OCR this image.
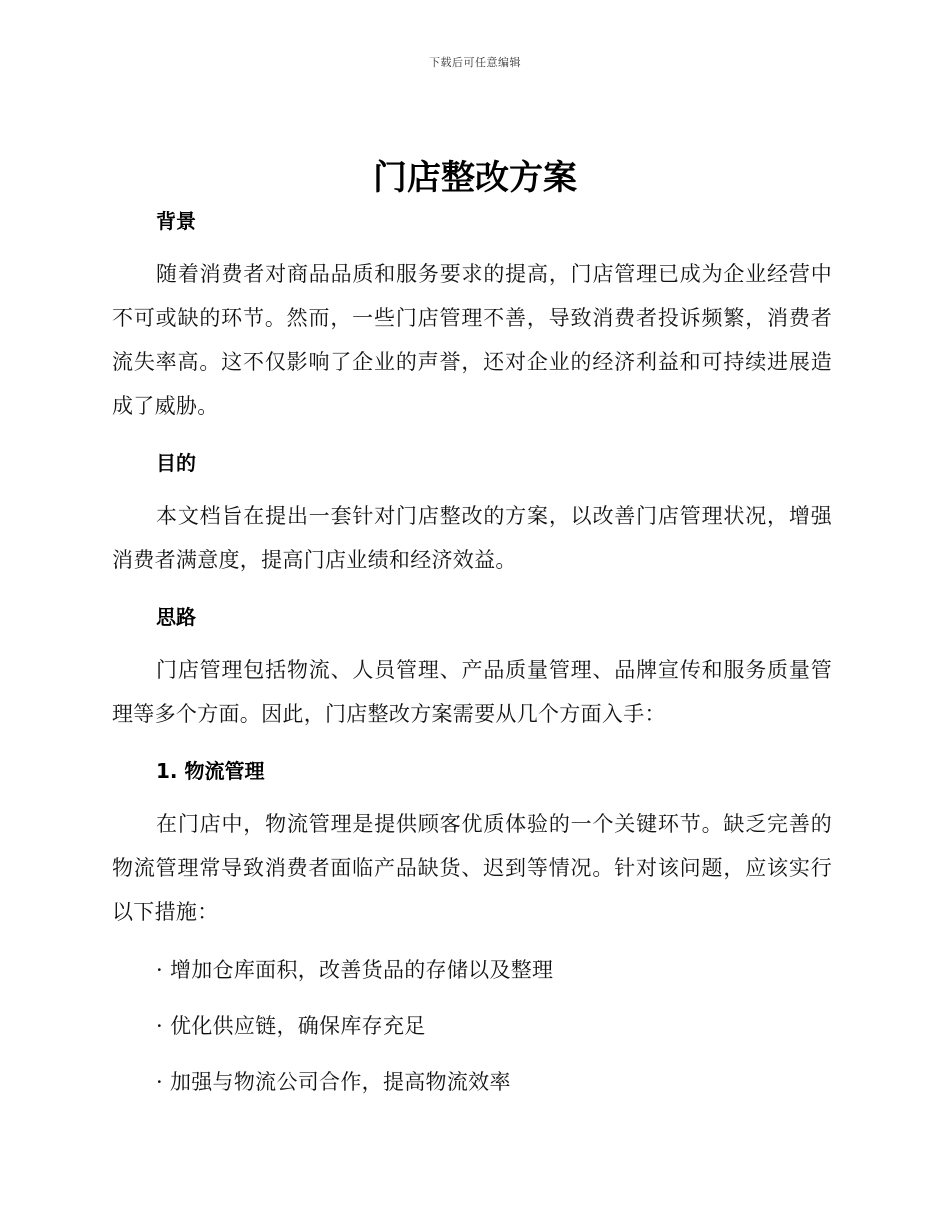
下载后可任意编辑
门店整改方案
背景

随着消费者对商品品质和服务要求的提高，门店管理已成为企业经营中不可或缺的环节。然而，一些门店管理不善，导致消费者投诉频繁，消费者流失率高。这不仅影响了企业的声誉，还对企业的经济利益和可持续进展造成了威胁。

目的

本文档旨在提出一套针对门店整改的方案，以改善门店管理状况，增强消费者满意度，提高门店业绩和经济效益。

思路

门店管理包括物流、人员管理、产品质量管理、品牌宣传和服务质量管理等多个方面。因此，门店整改方案需要从几个方面入手：

1. 物流管理

在门店中，物流管理是提供顾客优质体验的一个关键环节。缺乏完善的物流管理常导致消费者面临产品缺货、迟到等情况。针对该问题，应该实行以下措施：

· 增加仓库面积，改善货品的存储以及整理
· 优化供应链，确保库存充足
· 加强与物流公司合作，提高物流效率
